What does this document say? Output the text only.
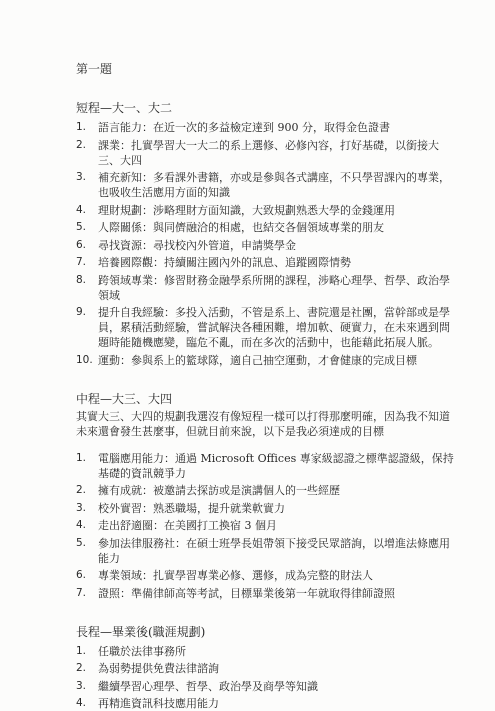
第一題
短程—大一、大二
1.	語言能力：在近一次的多益檢定達到 900 分，取得金色證書
2.	課業：扎實學習大一大二的系上選修、必修內容，打好基礎，以銜接大三、大四
3.	補充新知：多看課外書籍，亦或是參與各式講座，不只學習課內的專業，也吸收生活應用方面的知識
4.	理財規劃：涉略理財方面知識，大致規劃熟悉大學的金錢運用
5.	人際關係：與同儕融洽的相處，也結交各個領域專業的朋友
6.	尋找資源：尋找校內外管道，申請獎學金
7.	培養國際觀：持續關注國內外的訊息、追蹤國際情勢
8.	跨領域專業：修習財務金融學系所開的課程，涉略心理學、哲學、政治學領域
9.	提升自我經驗：多投入活動，不管是系上、書院還是社團，當幹部或是學員，累積活動經驗，嘗試解決各種困難，增加軟、硬實力，在未來遇到問題時能隨機應變，臨危不亂，而在多次的活動中，也能藉此拓展人脈。
10. 運動：參與系上的籃球隊，適自己抽空運動，才會健康的完成目標
中程—大三、大四
其實大三、大四的規劃我選沒有像短程一樣可以打得那麼明確，因為我不知道未來還會發生甚麼事，但就目前來說，以下是我必須達成的目標
1.	電腦應用能力：通過 Microsoft Offices 專家級認證之標準認證級，保持基礎的資訊競爭力
2.	擁有成就：被邀請去探訪或是演講個人的一些經歷
3.	校外實習：熟悉職場，提升就業軟實力
4.	走出舒適圈：在美國打工換宿 3 個月
5.	參加法律服務社：在碩士班學長姐帶領下接受民眾諮詢，以增進法條應用能力
6.	專業領域：扎實學習專業必修、選修，成為完整的財法人
7.	證照：準備律師高等考試，目標畢業後第一年就取得律師證照
長程—畢業後(職涯規劃)
1.	任職於法律事務所
2.	為弱勢提供免費法律諮詢
3.	繼續學習心理學、哲學、政治學及商學等知識
4.	再精進資訊科技應用能力
